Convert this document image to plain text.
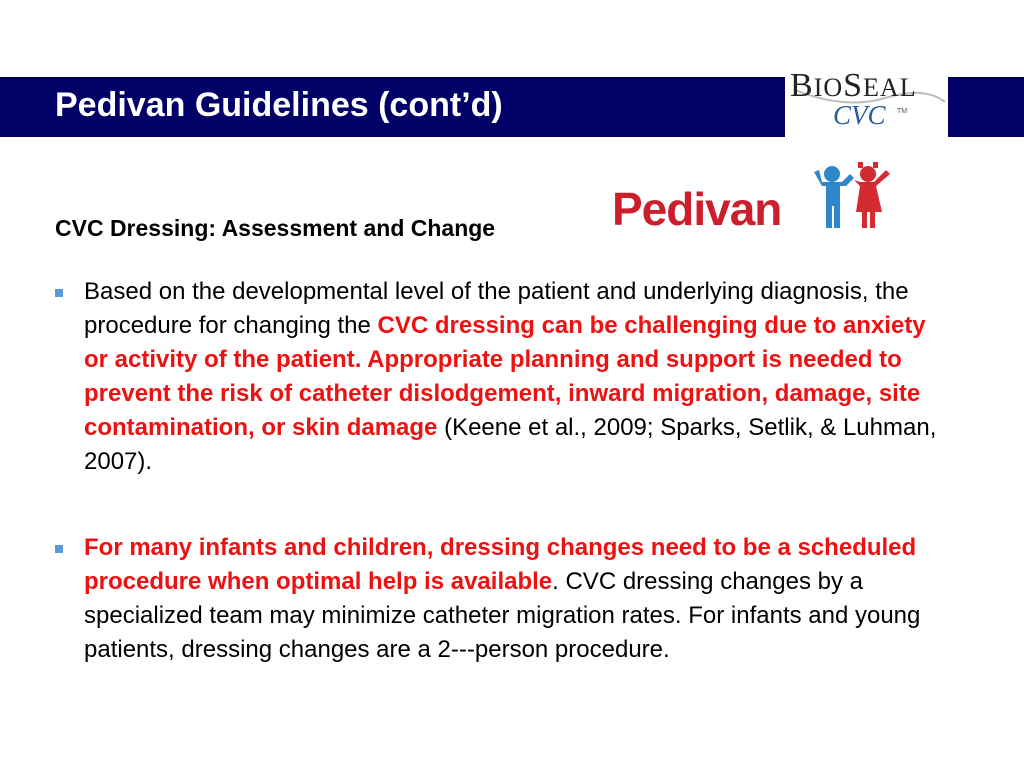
Pedivan Guidelines (cont’d)
BIOSEAL
CVC TM
CVC Dressing: Assessment and Change	Pedivan
Based on the developmental level of the patient and underlying diagnosis, the procedure for changing the CVC dressing can be challenging due to anxiety or activity of the patient. Appropriate planning and support is needed to prevent the risk of catheter dislodgement, inward migration, damage, site contamination, or skin damage (Keene et al., 2009; Sparks, Setlik, & Luhman, 2007).
For many infants and children, dressing changes need to be a scheduled procedure when optimal help is available. CVC dressing changes by a specialized team may minimize catheter migration rates. For infants and young patients, dressing changes are a 2---person procedure.
